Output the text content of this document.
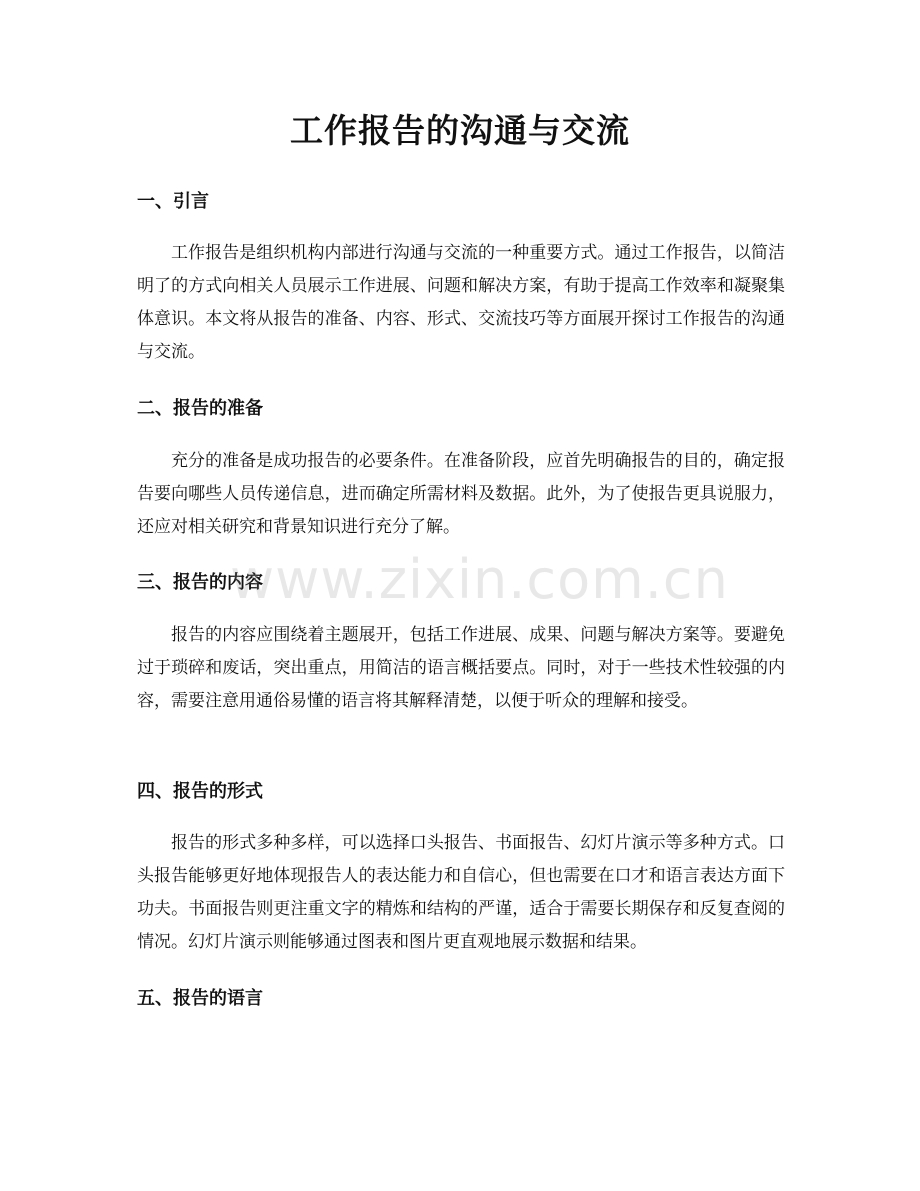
工作报告的沟通与交流
一、引言

工作报告是组织机构内部进行沟通与交流的一种重要方式。通过工作报告，以简洁明了的方式向相关人员展示工作进展、问题和解决方案，有助于提高工作效率和凝聚集体意识。本文将从报告的准备、内容、形式、交流技巧等方面展开探讨工作报告的沟通与交流。

二、报告的准备

充分的准备是成功报告的必要条件。在准备阶段，应首先明确报告的目的，确定报告要向哪些人员传递信息，进而确定所需材料及数据。此外，为了使报告更具说服力，还应对相关研究和背景知识进行充分了解。

三、报告的内容

报告的内容应围绕着主题展开，包括工作进展、成果、问题与解决方案等。要避免过于琐碎和废话，突出重点，用简洁的语言概括要点。同时，对于一些技术性较强的内容，需要注意用通俗易懂的语言将其解释清楚，以便于听众的理解和接受。

四、报告的形式

报告的形式多种多样，可以选择口头报告、书面报告、幻灯片演示等多种方式。口头报告能够更好地体现报告人的表达能力和自信心，但也需要在口才和语言表达方面下功夫。书面报告则更注重文字的精炼和结构的严谨，适合于需要长期保存和反复查阅的情况。幻灯片演示则能够通过图表和图片更直观地展示数据和结果。

五、报告的语言
www.zixin.com.cn
